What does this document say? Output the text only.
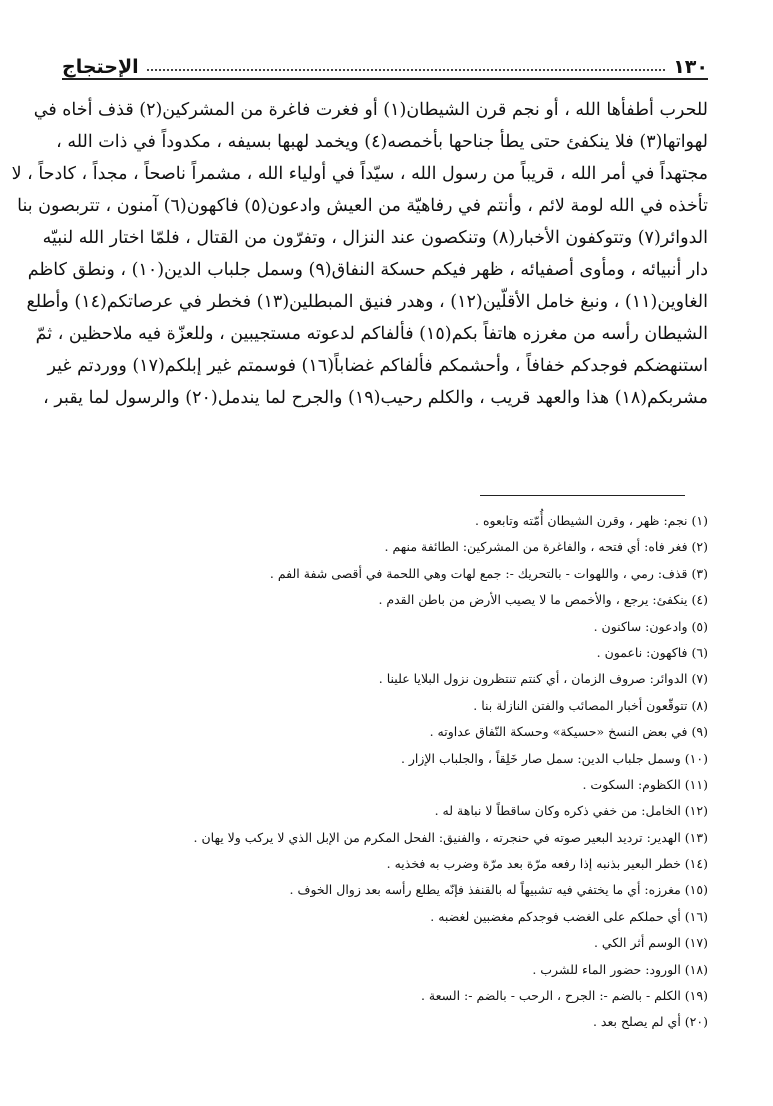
١٣٠
الإحتجاج
للحرب أطفأها الله ، أو نجم قرن الشيطان(١) أو فغرت فاغرة من المشركين(٢) قذف أخاه في
لهواتها(٣) فلا ينكفئ حتى يطأ جناحها بأخمصه(٤) ويخمد لهبها بسيفه ، مكدوداً في ذات الله ،
مجتهداً في أمر الله ، قريباً من رسول الله ، سيّداً في أولياء الله ، مشمراً ناصحاً ، مجداً ، كادحاً ، لا
تأخذه في الله لومة لائم ، وأنتم في رفاهيّة من العيش وادعون(٥) فاكهون(٦) آمنون ، تتربصون بنا
الدوائر(٧) وتتوكفون الأخبار(٨) وتنكصون عند النزال ، وتفرّون من القتال ، فلمّا اختار الله لنبيّه
دار أنبيائه ، ومأوى أصفيائه ، ظهر فيكم حسكة النفاق(٩) وسمل جلباب الدين(١٠) ، ونطق كاظم
الغاوين(١١) ، ونبغ خامل الأقلّين(١٢) ، وهدر فنيق المبطلين(١٣) فخطر في عرصاتكم(١٤) وأطلع
الشيطان رأسه من مغرزه هاتفاً بكم(١٥) فألفاكم لدعوته مستجيبين ، وللعزّة فيه ملاحظين ، ثمّ
استنهضكم فوجدكم خفافاً ، وأحشمكم فألفاكم غضاباً(١٦) فوسمتم غير إبلكم(١٧) ووردتم غير
مشربكم(١٨) هذا والعهد قريب ، والكلم رحيب(١٩) والجرح لما يندمل(٢٠) والرسول لما يقبر ،
(١) نجم: ظهر ، وقرن الشيطان أُمّته وتابعوه .
(٢) فغر فاه: أي فتحه ، والفاغرة من المشركين: الطائفة منهم .
(٣) قذف: رمي ، واللهوات - بالتحريك -: جمع لهات وهي اللحمة في أقصى شفة الفم .
(٤) ينكفئ: يرجع ، والأخمص ما لا يصيب الأرض من باطن القدم .
(٥) وادعون: ساكنون .
(٦) فاكهون: ناعمون .
(٧) الدوائر: صروف الزمان ، أي كنتم تنتظرون نزول البلايا علينا .
(٨) تتوقّعون أخبار المصائب والفتن النازلة بنا .
(٩) في بعض النسخ «حسيكة» وحسكة النّفاق عداوته .
(١٠) وسمل جلباب الدين: سمل صار خَلِقاً ، والجلباب الإزار .
(١١) الكظوم: السكوت .
(١٢) الخامل: من خفي ذكره وكان ساقطاً لا نباهة له .
(١٣) الهدير: ترديد البعير صوته في حنجرته ، والفنيق: الفحل المكرم من الإبل الذي لا يركب ولا يهان .
(١٤) خطر البعير بذنبه إذا رفعه مرّة بعد مرّة وضرب به فخذيه .
(١٥) مغرزه: أي ما يختفي فيه تشبيهاً له بالقنفذ فإنّه يطلع رأسه بعد زوال الخوف .
(١٦) أي حملكم على الغضب فوجدكم مغضبين لغضبه .
(١٧) الوسم أثر الكي .
(١٨) الورود: حضور الماء للشرب .
(١٩) الكلم - بالضم -: الجرح ، الرحب - بالضم -: السعة .
(٢٠) أي لم يصلح بعد .
